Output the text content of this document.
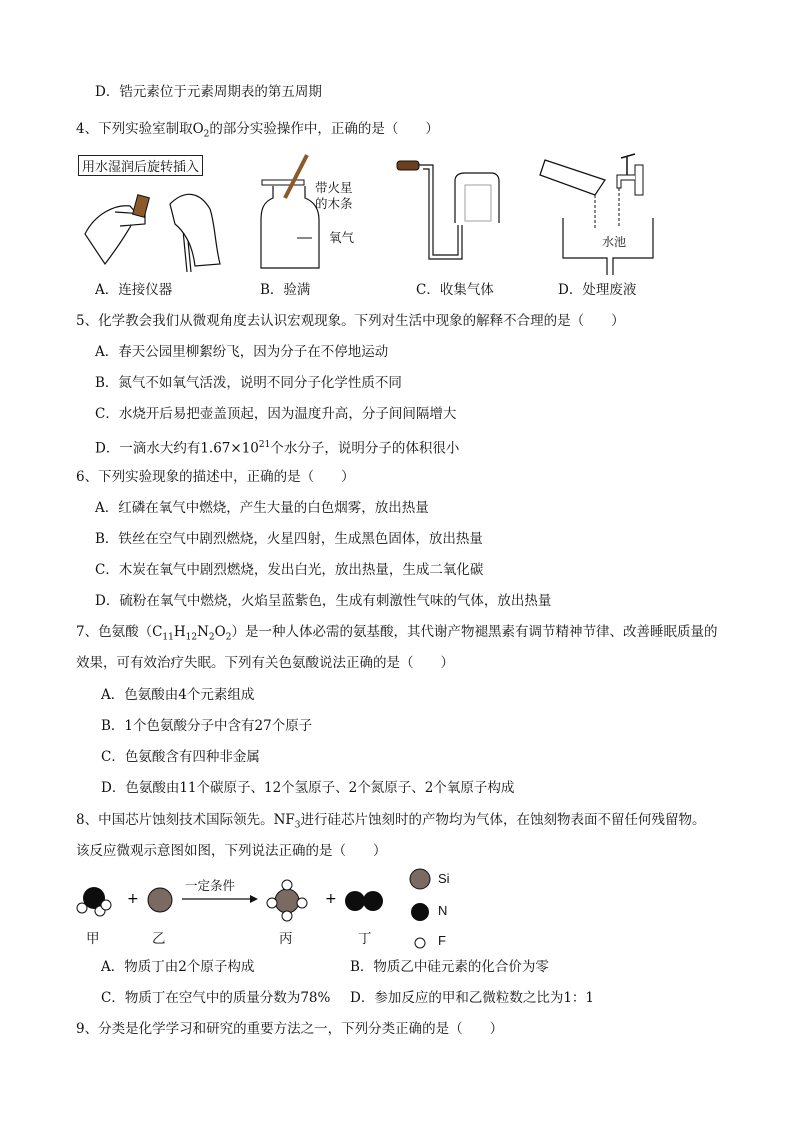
D．锆元素位于元素周期表的第五周期
4、下列实验室制取$O_2$的部分实验操作中，正确的是（　　）
用水湿润后旋转插入
带火星
的木条
氧气	水池
A．连接仪器	B．验满	C．收集气体	D．处理废液
5、化学教会我们从微观角度去认识宏观现象。下列对生活中现象的解释不合理的是（　　）
A．春天公园里柳絮纷飞，因为分子在不停地运动
B．氮气不如氧气活泼，说明不同分子化学性质不同
C．水烧开后易把壶盖顶起，因为温度升高，分子间间隔增大
D．一滴水大约有$1.67\times 10^{21}$个水分子，说明分子的体积很小
6、下列实验现象的描述中，正确的是（　　）
A．红磷在氧气中燃烧，产生大量的白色烟雾，放出热量
B．铁丝在空气中剧烈燃烧，火星四射，生成黑色固体，放出热量
C．木炭在氧气中剧烈燃烧，发出白光，放出热量，生成二氧化碳
D．硫粉在氧气中燃烧，火焰呈蓝紫色，生成有刺激性气味的气体，放出热量
7、色氨酸$(C_{11}H_{12}N_2O_2)$是一种人体必需的氨基酸，其代谢产物褪黑素有调节精神节律、改善睡眠质量的
效果，可有效治疗失眠。下列有关色氨酸说法正确的是（　　）
A．色氨酸由4个元素组成
B．1个色氨酸分子中含有27个原子
C．色氨酸含有四种非金属
D．色氨酸由11个碳原子、12个氢原子、2个氮原子、2个氧原子构成
8、中国芯片蚀刻技术国际领先。$NF_3$进行硅芯片蚀刻时的产物均为气体，在蚀刻物表面不留任何残留物。
该反应微观示意图如图，下列说法正确的是（　　）
+	+
Si
N
F
一定条件
甲	乙	丙	丁
A．物质丁由2个原子构成	B．物质乙中硅元素的化合价为零
C．物质丁在空气中的质量分数为78% D．参加反应的甲和乙微粒数之比为1：1
9、分类是化学学习和研究的重要方法之一，下列分类正确的是（　　）
